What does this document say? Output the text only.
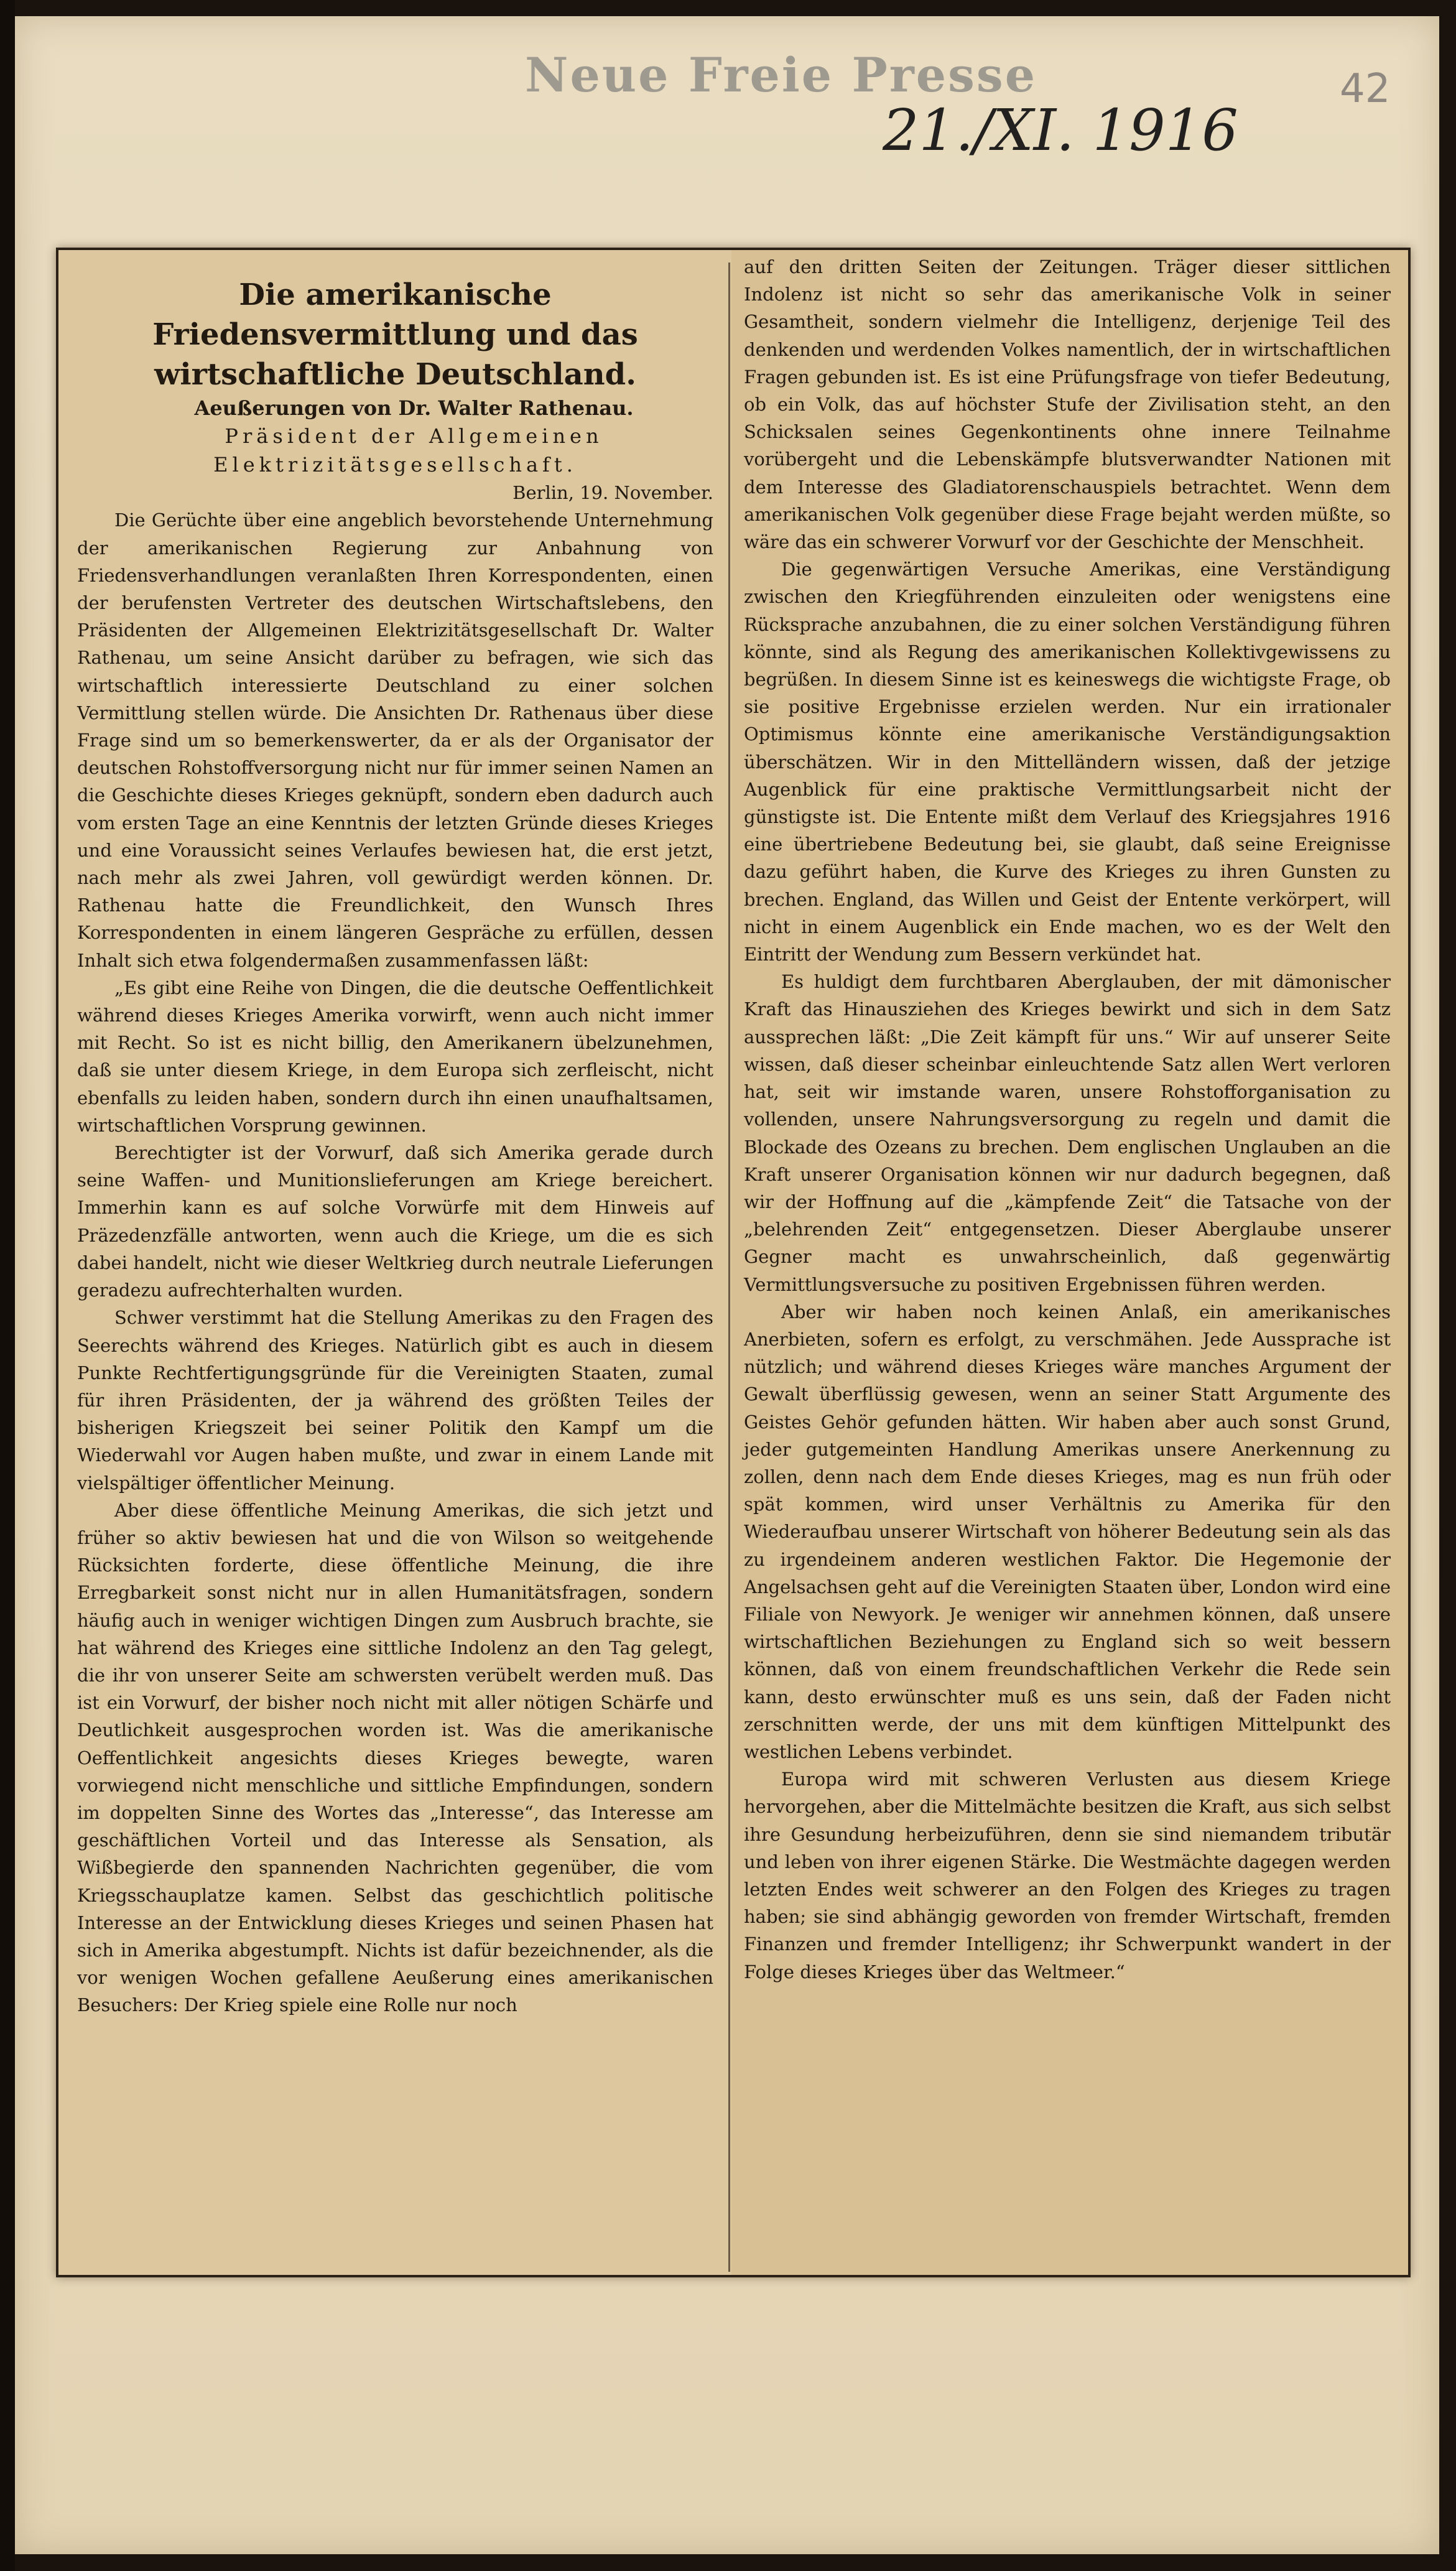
Neue Freie Presse
21./XI. 1916
42

Die amerikanische Friedensvermittlung und das wirtschaftliche Deutschland.

Aeußerungen von Dr. Walter Rathenau.

Präsident der Allgemeinen Elektrizitätsgesellschaft.

Berlin, 19. November.

Die Gerüchte über eine angeblich bevorstehende Unternehmung der amerikanischen Regierung zur Anbahnung von Friedensverhandlungen veranlaßten Ihren Korrespondenten, einen der berufensten Vertreter des deutschen Wirtschaftslebens, den Präsidenten der Allgemeinen Elektrizitätsgesellschaft Dr. Walter Rathenau, um seine Ansicht darüber zu befragen, wie sich das wirtschaftlich interessierte Deutschland zu einer solchen Vermittlung stellen würde. Die Ansichten Dr. Rathenaus über diese Frage sind um so bemerkenswerter, da er als der Organisator der deutschen Rohstoffversorgung nicht nur für immer seinen Namen an die Geschichte dieses Krieges geknüpft, sondern eben dadurch auch vom ersten Tage an eine Kenntnis der letzten Gründe dieses Krieges und eine Voraussicht seines Verlaufes bewiesen hat, die erst jetzt, nach mehr als zwei Jahren, voll gewürdigt werden können. Dr. Rathenau hatte die Freundlichkeit, den Wunsch Ihres Korrespondenten in einem längeren Gespräche zu erfüllen, dessen Inhalt sich etwa folgendermaßen zusammenfassen läßt:

„Es gibt eine Reihe von Dingen, die die deutsche Oeffentlichkeit während dieses Krieges Amerika vorwirft, wenn auch nicht immer mit Recht. So ist es nicht billig, den Amerikanern übelzunehmen, daß sie unter diesem Kriege, in dem Europa sich zerfleischt, nicht ebenfalls zu leiden haben, sondern durch ihn einen unaufhaltsamen, wirtschaftlichen Vorsprung gewinnen.

Berechtigter ist der Vorwurf, daß sich Amerika gerade durch seine Waffen- und Munitionslieferungen am Kriege bereichert. Immerhin kann es auf solche Vorwürfe mit dem Hinweis auf Präzedenzfälle antworten, wenn auch die Kriege, um die es sich dabei handelt, nicht wie dieser Weltkrieg durch neutrale Lieferungen geradezu aufrechterhalten wurden.

Schwer verstimmt hat die Stellung Amerikas zu den Fragen des Seerechts während des Krieges. Natürlich gibt es auch in diesem Punkte Rechtfertigungsgründe für die Vereinigten Staaten, zumal für ihren Präsidenten, der ja während des größten Teiles der bisherigen Kriegszeit bei seiner Politik den Kampf um die Wiederwahl vor Augen haben mußte, und zwar in einem Lande mit vielspältiger öffentlicher Meinung.

Aber diese öffentliche Meinung Amerikas, die sich jetzt und früher so aktiv bewiesen hat und die von Wilson so weitgehende Rücksichten forderte, diese öffentliche Meinung, die ihre Erregbarkeit sonst nicht nur in allen Humanitätsfragen, sondern häufig auch in weniger wichtigen Dingen zum Ausbruch brachte, sie hat während des Krieges eine sittliche Indolenz an den Tag gelegt, die ihr von unserer Seite am schwersten verübelt werden muß. Das ist ein Vorwurf, der bisher noch nicht mit aller nötigen Schärfe und Deutlichkeit ausgesprochen worden ist. Was die amerikanische Oeffentlichkeit angesichts dieses Krieges bewegte, waren vorwiegend nicht menschliche und sittliche Empfindungen, sondern im doppelten Sinne des Wortes das „Interesse“, das Interesse am geschäftlichen Vorteil und das Interesse als Sensation, als Wißbegierde den spannenden Nachrichten gegenüber, die vom Kriegsschauplatze kamen. Selbst das geschichtlich politische Interesse an der Entwicklung dieses Krieges und seinen Phasen hat sich in Amerika abgestumpft. Nichts ist dafür bezeichnender, als die vor wenigen Wochen gefallene Aeußerung eines amerikanischen Besuchers: Der Krieg spiele eine Rolle nur noch

auf den dritten Seiten der Zeitungen. Träger dieser sittlichen Indolenz ist nicht so sehr das amerikanische Volk in seiner Gesamtheit, sondern vielmehr die Intelligenz, derjenige Teil des denkenden und werdenden Volkes namentlich, der in wirtschaftlichen Fragen gebunden ist. Es ist eine Prüfungsfrage von tiefer Bedeutung, ob ein Volk, das auf höchster Stufe der Zivilisation steht, an den Schicksalen seines Gegenkontinents ohne innere Teilnahme vorübergeht und die Lebenskämpfe blutsverwandter Nationen mit dem Interesse des Gladiatorenschauspiels betrachtet. Wenn dem amerikanischen Volk gegenüber diese Frage bejaht werden müßte, so wäre das ein schwerer Vorwurf vor der Geschichte der Menschheit.

Die gegenwärtigen Versuche Amerikas, eine Verständigung zwischen den Kriegführenden einzuleiten oder wenigstens eine Rücksprache anzubahnen, die zu einer solchen Verständigung führen könnte, sind als Regung des amerikanischen Kollektivgewissens zu begrüßen. In diesem Sinne ist es keineswegs die wichtigste Frage, ob sie positive Ergebnisse erzielen werden. Nur ein irrationaler Optimismus könnte eine amerikanische Verständigungsaktion überschätzen. Wir in den Mittelländern wissen, daß der jetzige Augenblick für eine praktische Vermittlungsarbeit nicht der günstigste ist. Die Entente mißt dem Verlauf des Kriegsjahres 1916 eine übertriebene Bedeutung bei, sie glaubt, daß seine Ereignisse dazu geführt haben, die Kurve des Krieges zu ihren Gunsten zu brechen. England, das Willen und Geist der Entente verkörpert, will nicht in einem Augenblick ein Ende machen, wo es der Welt den Eintritt der Wendung zum Bessern verkündet hat.

Es huldigt dem furchtbaren Aberglauben, der mit dämonischer Kraft das Hinausziehen des Krieges bewirkt und sich in dem Satz aussprechen läßt: „Die Zeit kämpft für uns.“ Wir auf unserer Seite wissen, daß dieser scheinbar einleuchtende Satz allen Wert verloren hat, seit wir imstande waren, unsere Rohstofforganisation zu vollenden, unsere Nahrungsversorgung zu regeln und damit die Blockade des Ozeans zu brechen. Dem englischen Unglauben an die Kraft unserer Organisation können wir nur dadurch begegnen, daß wir der Hoffnung auf die „kämpfende Zeit“ die Tatsache von der „belehrenden Zeit“ entgegensetzen. Dieser Aberglaube unserer Gegner macht es unwahrscheinlich, daß gegenwärtig Vermittlungsversuche zu positiven Ergebnissen führen werden.

Aber wir haben noch keinen Anlaß, ein amerikanisches Anerbieten, sofern es erfolgt, zu verschmähen. Jede Aussprache ist nützlich; und während dieses Krieges wäre manches Argument der Gewalt überflüssig gewesen, wenn an seiner Statt Argumente des Geistes Gehör gefunden hätten. Wir haben aber auch sonst Grund, jeder gutgemeinten Handlung Amerikas unsere Anerkennung zu zollen, denn nach dem Ende dieses Krieges, mag es nun früh oder spät kommen, wird unser Verhältnis zu Amerika für den Wiederaufbau unserer Wirtschaft von höherer Bedeutung sein als das zu irgendeinem anderen westlichen Faktor. Die Hegemonie der Angelsachsen geht auf die Vereinigten Staaten über, London wird eine Filiale von Newyork. Je weniger wir annehmen können, daß unsere wirtschaftlichen Beziehungen zu England sich so weit bessern können, daß von einem freundschaftlichen Verkehr die Rede sein kann, desto erwünschter muß es uns sein, daß der Faden nicht zerschnitten werde, der uns mit dem künftigen Mittelpunkt des westlichen Lebens verbindet.

Europa wird mit schweren Verlusten aus diesem Kriege hervorgehen, aber die Mittelmächte besitzen die Kraft, aus sich selbst ihre Gesundung herbeizuführen, denn sie sind niemandem tributär und leben von ihrer eigenen Stärke. Die Westmächte dagegen werden letzten Endes weit schwerer an den Folgen des Krieges zu tragen haben; sie sind abhängig geworden von fremder Wirtschaft, fremden Finanzen und fremder Intelligenz; ihr Schwerpunkt wandert in der Folge dieses Krieges über das Weltmeer.“
